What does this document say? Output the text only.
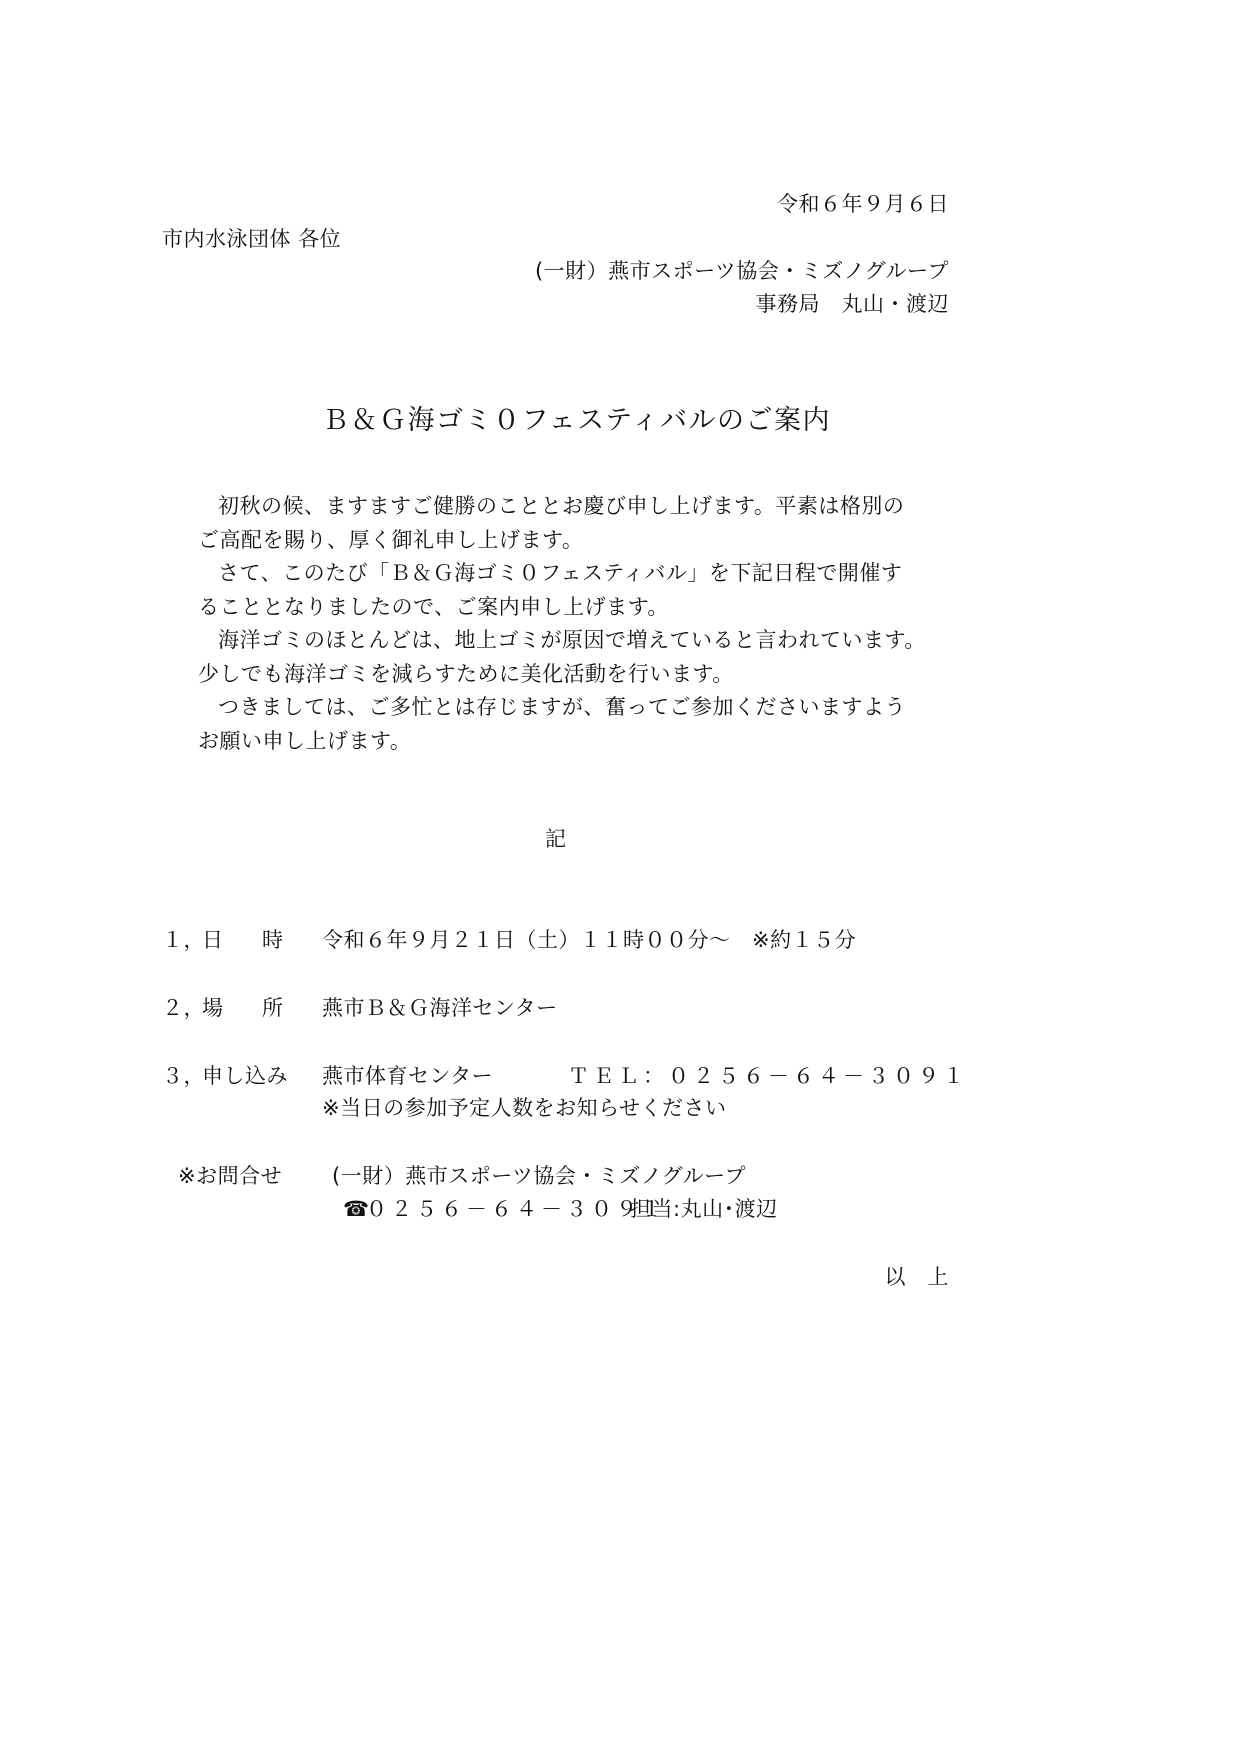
令和６年９月６日
市内水泳団体 各位
(一財）燕市スポーツ協会・ミズノグループ
事務局　丸山・渡辺
Ｂ＆Ｇ海ゴミ０フェスティバルのご案内
初秋の候、ますますご健勝のこととお慶び申し上げます。平素は格別の
ご高配を賜り、厚く御礼申し上げます。
さて、このたび「Ｂ＆Ｇ海ゴミ０フェスティバル」を下記日程で開催す
ることとなりましたので、ご案内申し上げます。
海洋ゴミのほとんどは、地上ゴミが原因で増えていると言われています。
少しでも海洋ゴミを減らすために美化活動を行います。
つきましては、ご多忙とは存じますが、奮ってご参加くださいますよう
お願い申し上げます。
記
１，
日 時 令和６年９月２１日（土）１１時００分～　※約１５分
２，
場 所 燕市Ｂ＆Ｇ海洋センター
３，
申し込み 燕市体育センター	ＴＥＬ：０２５６－６４－３０９１
※当日の参加予定人数をお知らせください
※お問合せ (一財）燕市スポーツ協会・ミズノグループ
☎
０２５６－６４－３０９１
担当:丸山･渡辺
以　上
